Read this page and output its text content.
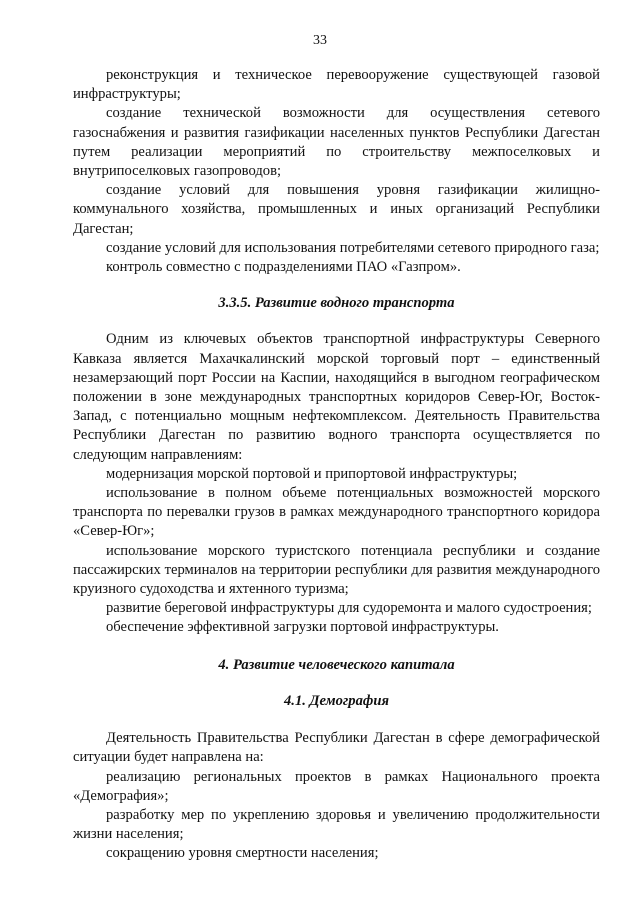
33

реконструкция и техническое перевооружение существующей газовой инфраструктуры;

создание технической возможности для осуществления сетевого газоснабжения и развития газификации населенных пунктов Республики Дагестан путем реализации мероприятий по строительству межпоселковых и внутрипоселковых газопроводов;

создание условий для повышения уровня газификации жилищно-коммунального хозяйства, промышленных и иных организаций Республики Дагестан;

создание условий для использования потребителями сетевого природного газа;

контроль совместно с подразделениями ПАО «Газпром».

3.3.5. Развитие водного транспорта

Одним из ключевых объектов транспортной инфраструктуры Северного Кавказа является Махачкалинский морской торговый порт – единственный незамерзающий порт России на Каспии, находящийся в выгодном географическом положении в зоне международных транспортных коридоров Север-Юг, Восток-Запад, с потенциально мощным нефтекомплексом. Деятельность Правительства Республики Дагестан по развитию водного транспорта осуществляется по следующим направлениям:

модернизация морской портовой и припортовой инфраструктуры;

использование в полном объеме потенциальных возможностей морского транспорта по перевалки грузов в рамках международного транспортного коридора «Север-Юг»;

использование морского туристского потенциала республики и создание пассажирских терминалов на территории республики для развития международного круизного судоходства и яхтенного туризма;

развитие береговой инфраструктуры для судоремонта и малого судостроения;

обеспечение эффективной загрузки портовой инфраструктуры.

4. Развитие человеческого капитала

4.1. Демография

Деятельность Правительства Республики Дагестан в сфере демографической ситуации будет направлена на:

реализацию региональных проектов в рамках Национального проекта «Демография»;

разработку мер по укреплению здоровья и увеличению продолжительности жизни населения;

сокращению уровня смертности населения;
